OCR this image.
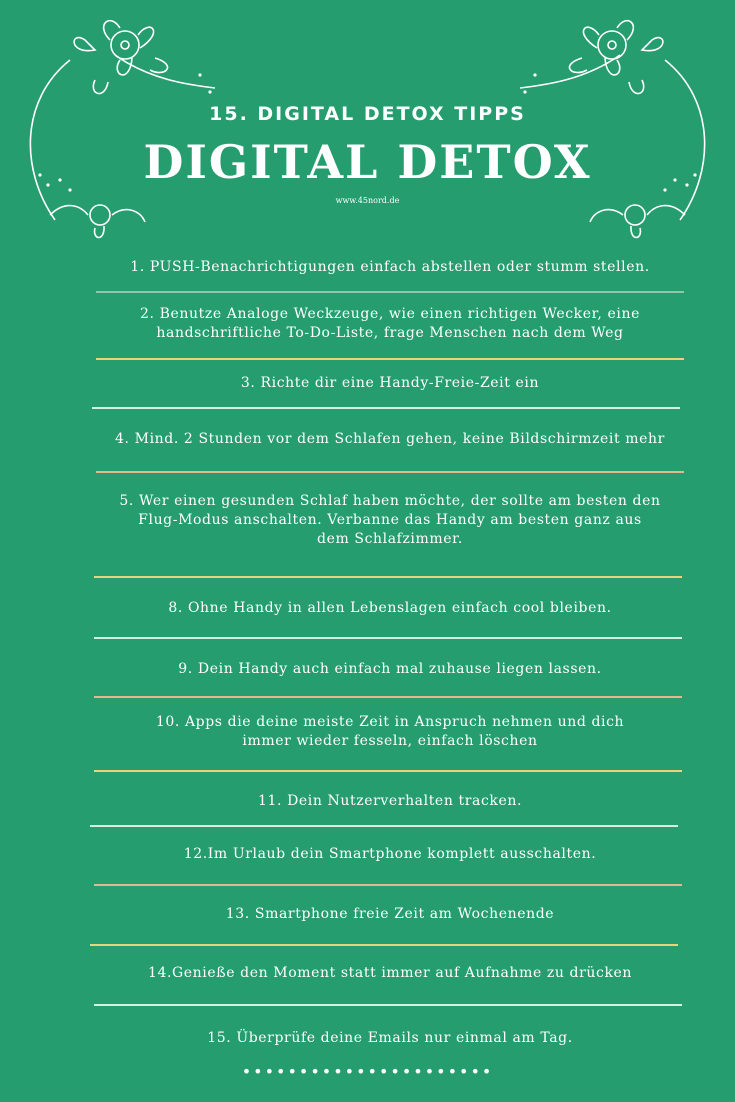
15. DIGITAL DETOX TIPPS
DIGITAL DETOX
www.45nord.de
1. PUSH-Benachrichtigungen einfach abstellen oder stumm stellen.
2. Benutze Analoge Weckzeuge, wie einen richtigen Wecker, eine
handschriftliche To-Do-Liste, frage Menschen nach dem Weg
3. Richte dir eine Handy-Freie-Zeit ein
4. Mind. 2 Stunden vor dem Schlafen gehen, keine Bildschirmzeit mehr
5. Wer einen gesunden Schlaf haben möchte, der sollte am besten den
Flug-Modus anschalten. Verbanne das Handy am besten ganz aus
dem Schlafzimmer.
8. Ohne Handy in allen Lebenslagen einfach cool bleiben.
9. Dein Handy auch einfach mal zuhause liegen lassen.
10. Apps die deine meiste Zeit in Anspruch nehmen und dich
immer wieder fesseln, einfach löschen
11. Dein Nutzerverhalten tracken.
12.Im Urlaub dein Smartphone komplett ausschalten.
13. Smartphone freie Zeit am Wochenende
14.Genieße den Moment statt immer auf Aufnahme zu drücken
15. Überprüfe deine Emails nur einmal am Tag.
••••••••••••••••••••••
